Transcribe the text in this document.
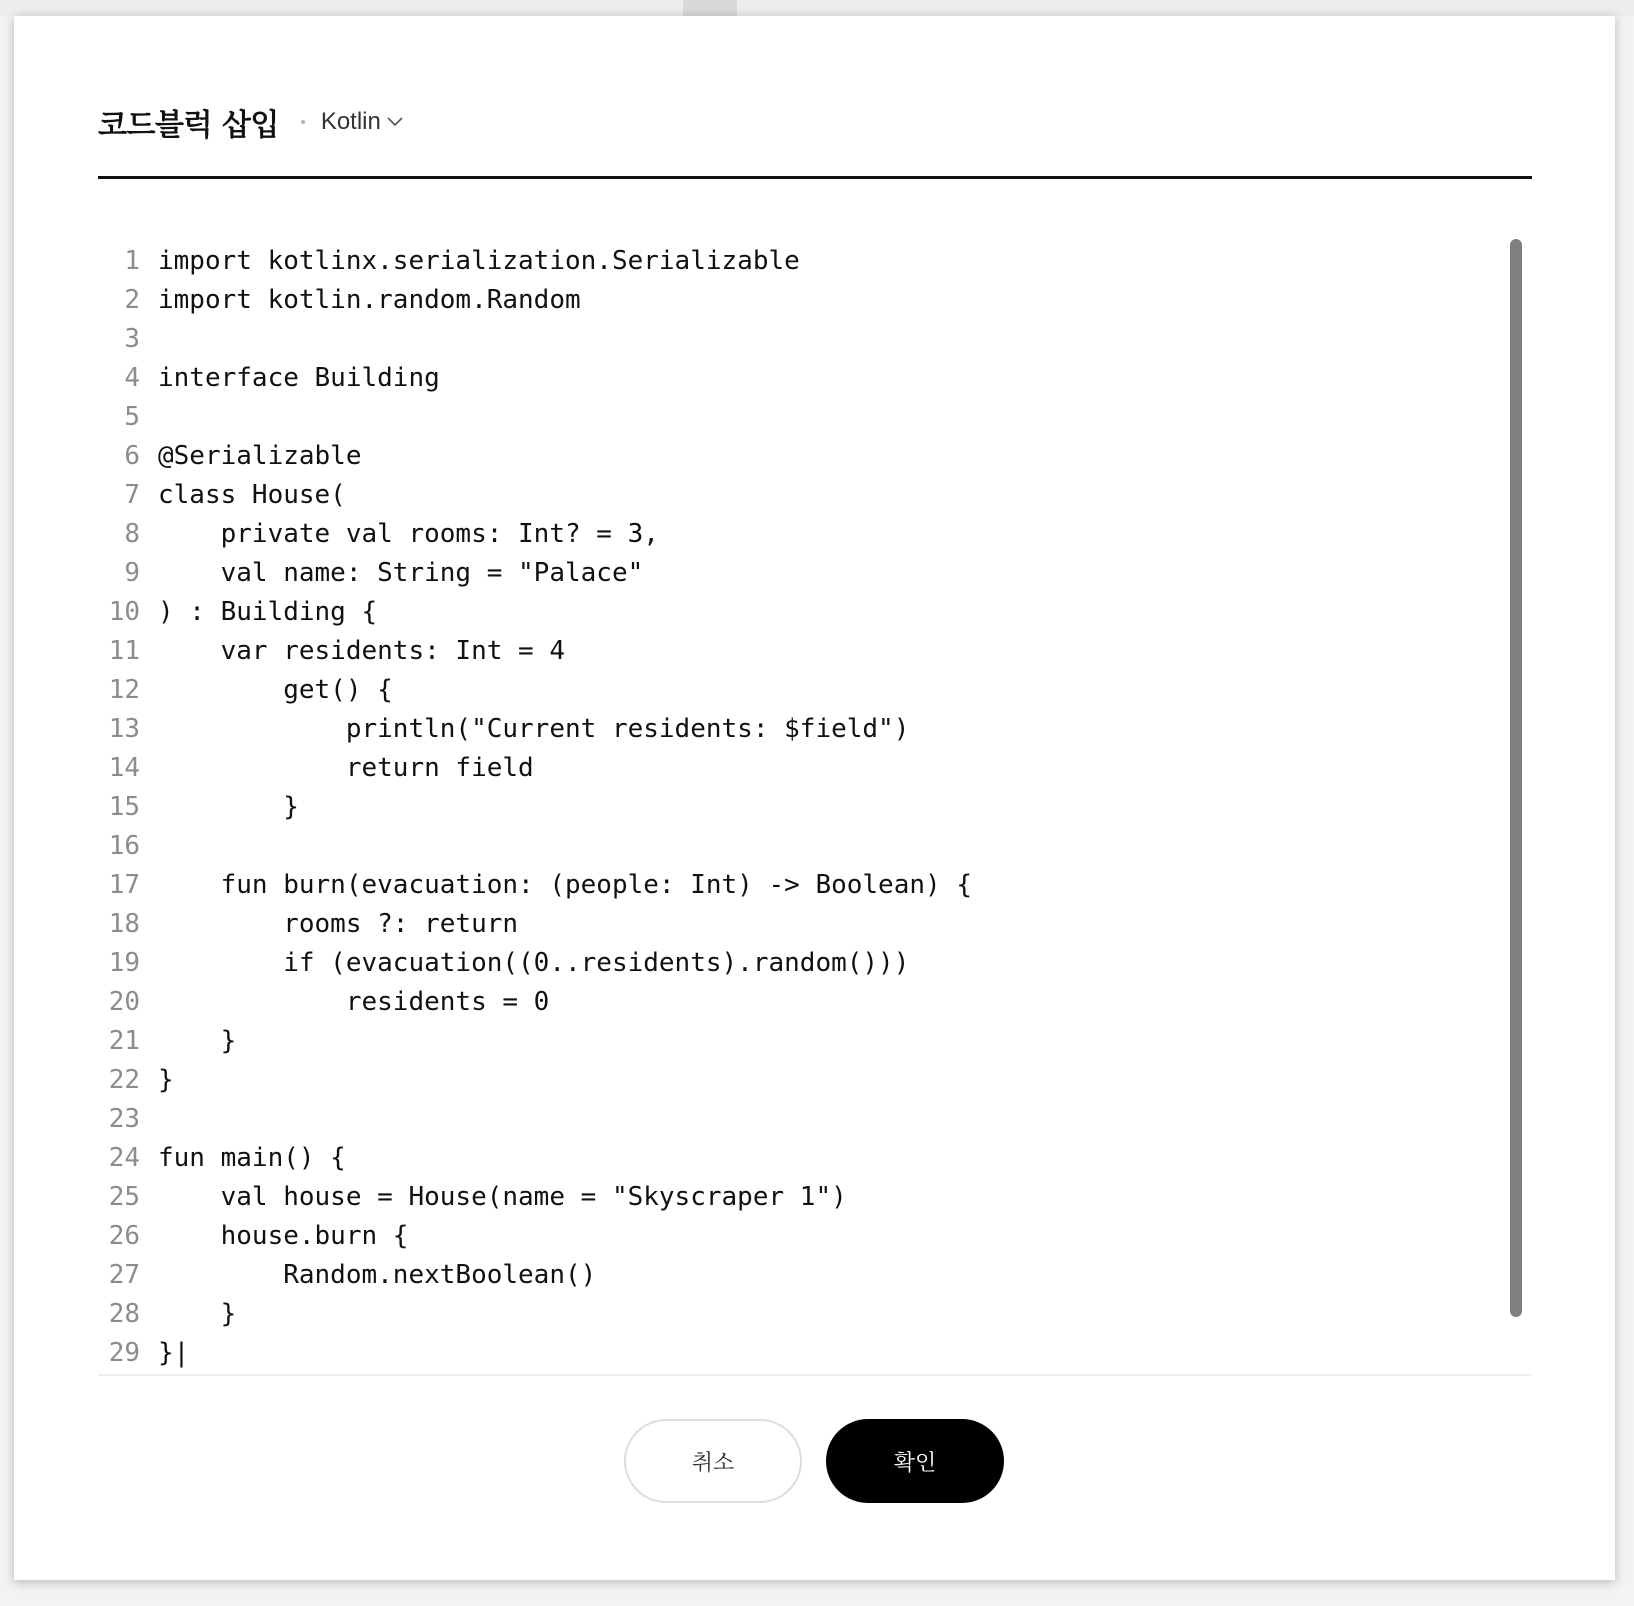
코드블럭 삽입 Kotlin
1 import kotlinx.serialization.Serializable
2 import kotlin.random.Random
3
4 interface Building
5
6 @Serializable
7 class House(
8 private val rooms: Int? = 3,
9 val name: String = "Palace"
10 ) : Building {
11 var residents: Int = 4
12 get() {
13 println("Current residents: $field")
14 return field
15 }
16
17 fun burn(evacuation: (people: Int) -> Boolean) {
18 rooms ?: return
19 if (evacuation((0..residents).random()))
20 residents = 0
21 }
22 }
23
24 fun main() {
25 val house = House(name = "Skyscraper 1")
26 house.burn {
27 Random.nextBoolean()
28 }
29 }|
취소	확인
